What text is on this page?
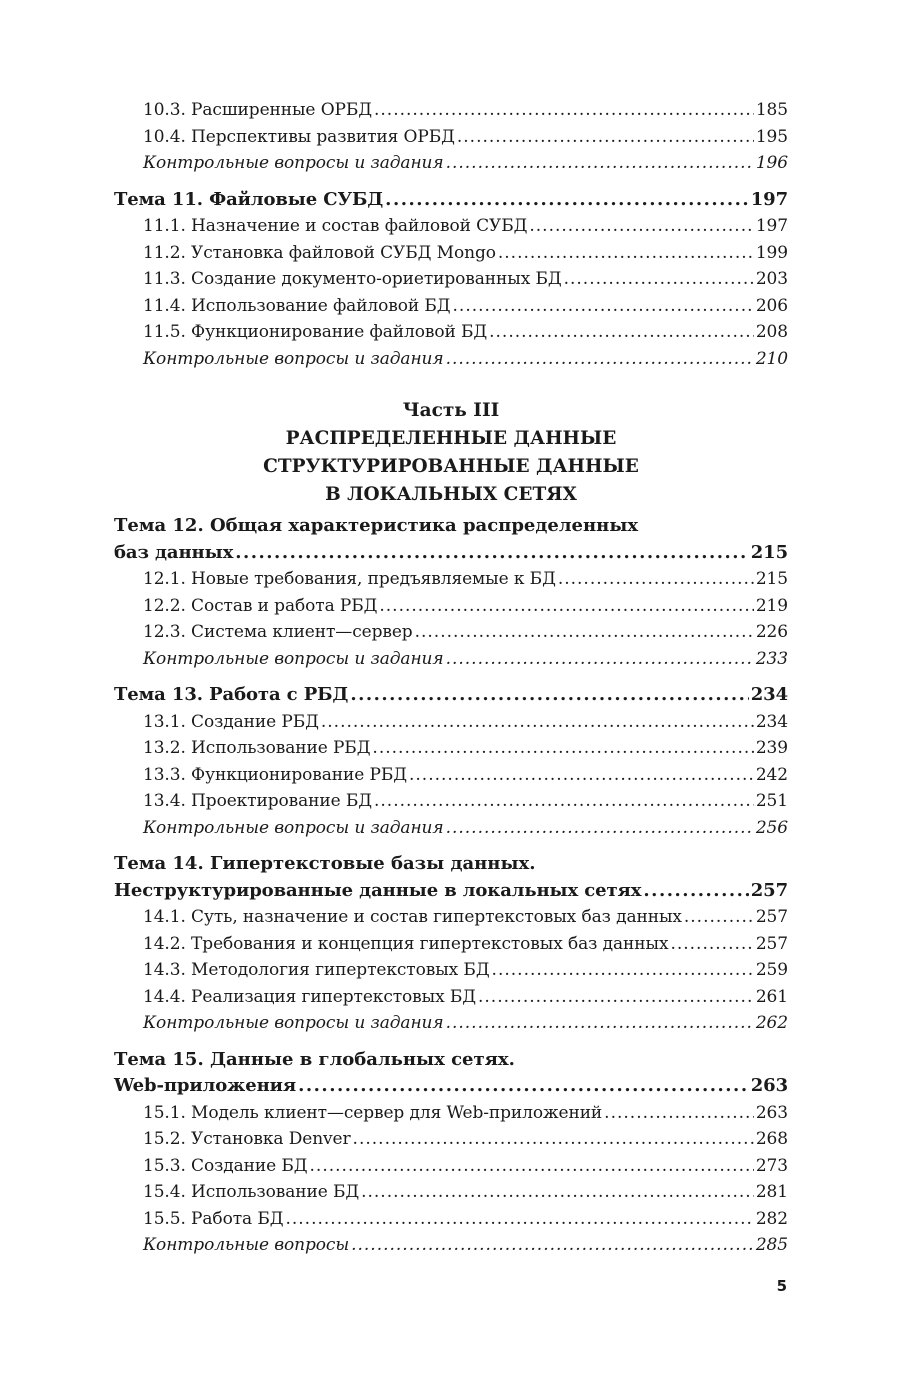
10.3. Расширенные ОРБД .....	185
10.4. Перспективы развития ОРБД .....	195
Контрольные вопросы и задания .....	196
Тема 11. Файловые СУБД .....	197
11.1. Назначение и состав файловой СУБД .....	197
11.2. Установка файловой СУБД Mongo .....	199
11.3. Создание документо-ориетированных БД .....	203
11.4. Использование файловой БД .....	206
11.5. Функционирование файловой БД .....	208
Контрольные вопросы и задания .....	210
Часть III
РАСПРЕДЕЛЕННЫЕ ДАННЫЕ
СТРУКТУРИРОВАННЫЕ ДАННЫЕ
В ЛОКАЛЬНЫХ СЕТЯХ
Тема 12. Общая характеристика распределенных
баз данных .....	215
12.1. Новые требования, предъявляемые к БД .....	215
12.2. Состав и работа РБД .....	219
12.3. Система клиент—сервер .....	226
Контрольные вопросы и задания .....	233
Тема 13. Работа с РБД .....	234
13.1. Создание РБД .....	234
13.2. Использование РБД .....	239
13.3. Функционирование РБД .....	242
13.4. Проектирование БД .....	251
Контрольные вопросы и задания .....	256
Тема 14. Гипертекстовые базы данных.
Неструктурированные данные в локальных сетях .....	257
14.1. Суть, назначение и состав гипертекстовых баз данных .....	257
14.2. Требования и концепция гипертекстовых баз данных .....	257
14.3. Методология гипертекстовых БД .....	259
14.4. Реализация гипертекстовых БД .....	261
Контрольные вопросы и задания .....	262
Тема 15. Данные в глобальных сетях.
Web-приложения .....	263
15.1. Модель клиент—сервер для Web-приложений .....	263
15.2. Установка Denver .....	268
15.3. Создание БД .....	273
15.4. Использование БД .....	281
15.5. Работа БД .....	282
Контрольные вопросы .....	285
5
